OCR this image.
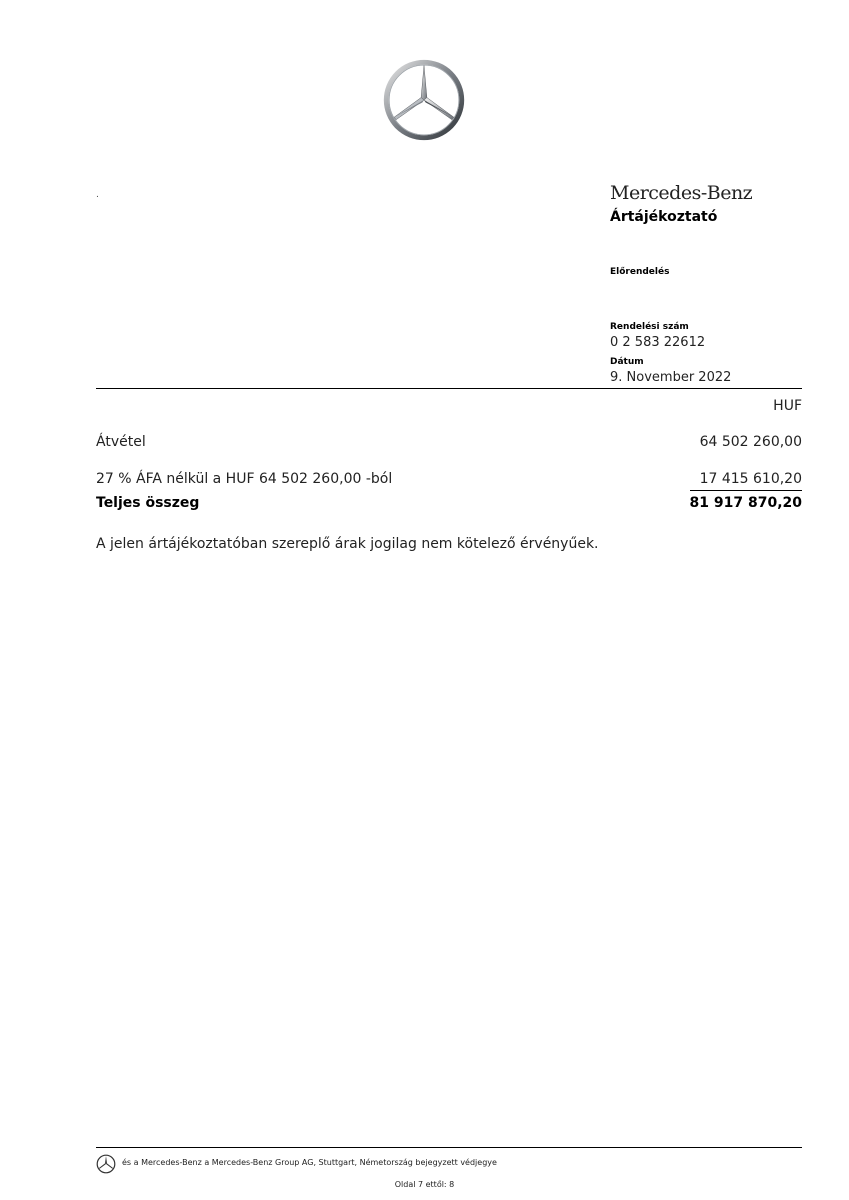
.	Mercedes-Benz
Ártájékoztató
Előrendelés
Rendelési szám
0 2 583 22612
Dátum
9. November 2022
HUF
Átvétel	64 502 260,00
27 % ÁFA nélkül a HUF 64 502 260,00 -ból	17 415 610,20
Teljes összeg	81 917 870,20
A jelen ártájékoztatóban szereplő árak jogilag nem kötelező érvényűek.
és a Mercedes-Benz a Mercedes-Benz Group AG, Stuttgart, Németország bejegyzett védjegye
Oldal 7 ettől: 8
